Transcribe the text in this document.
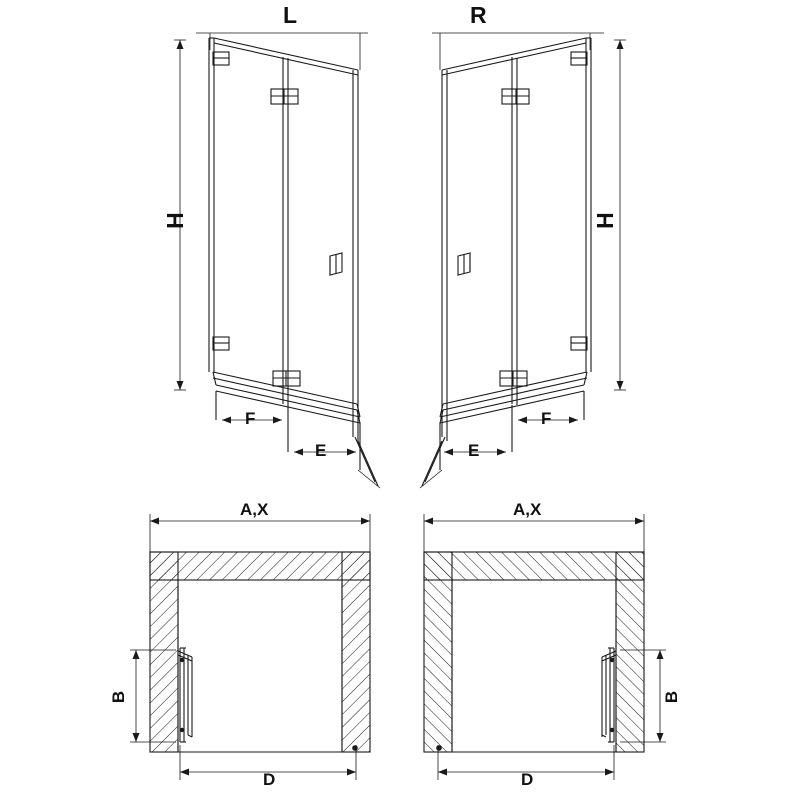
L	R
H	H
F
E	E
F
A,X	A,X
B	B
D	D
